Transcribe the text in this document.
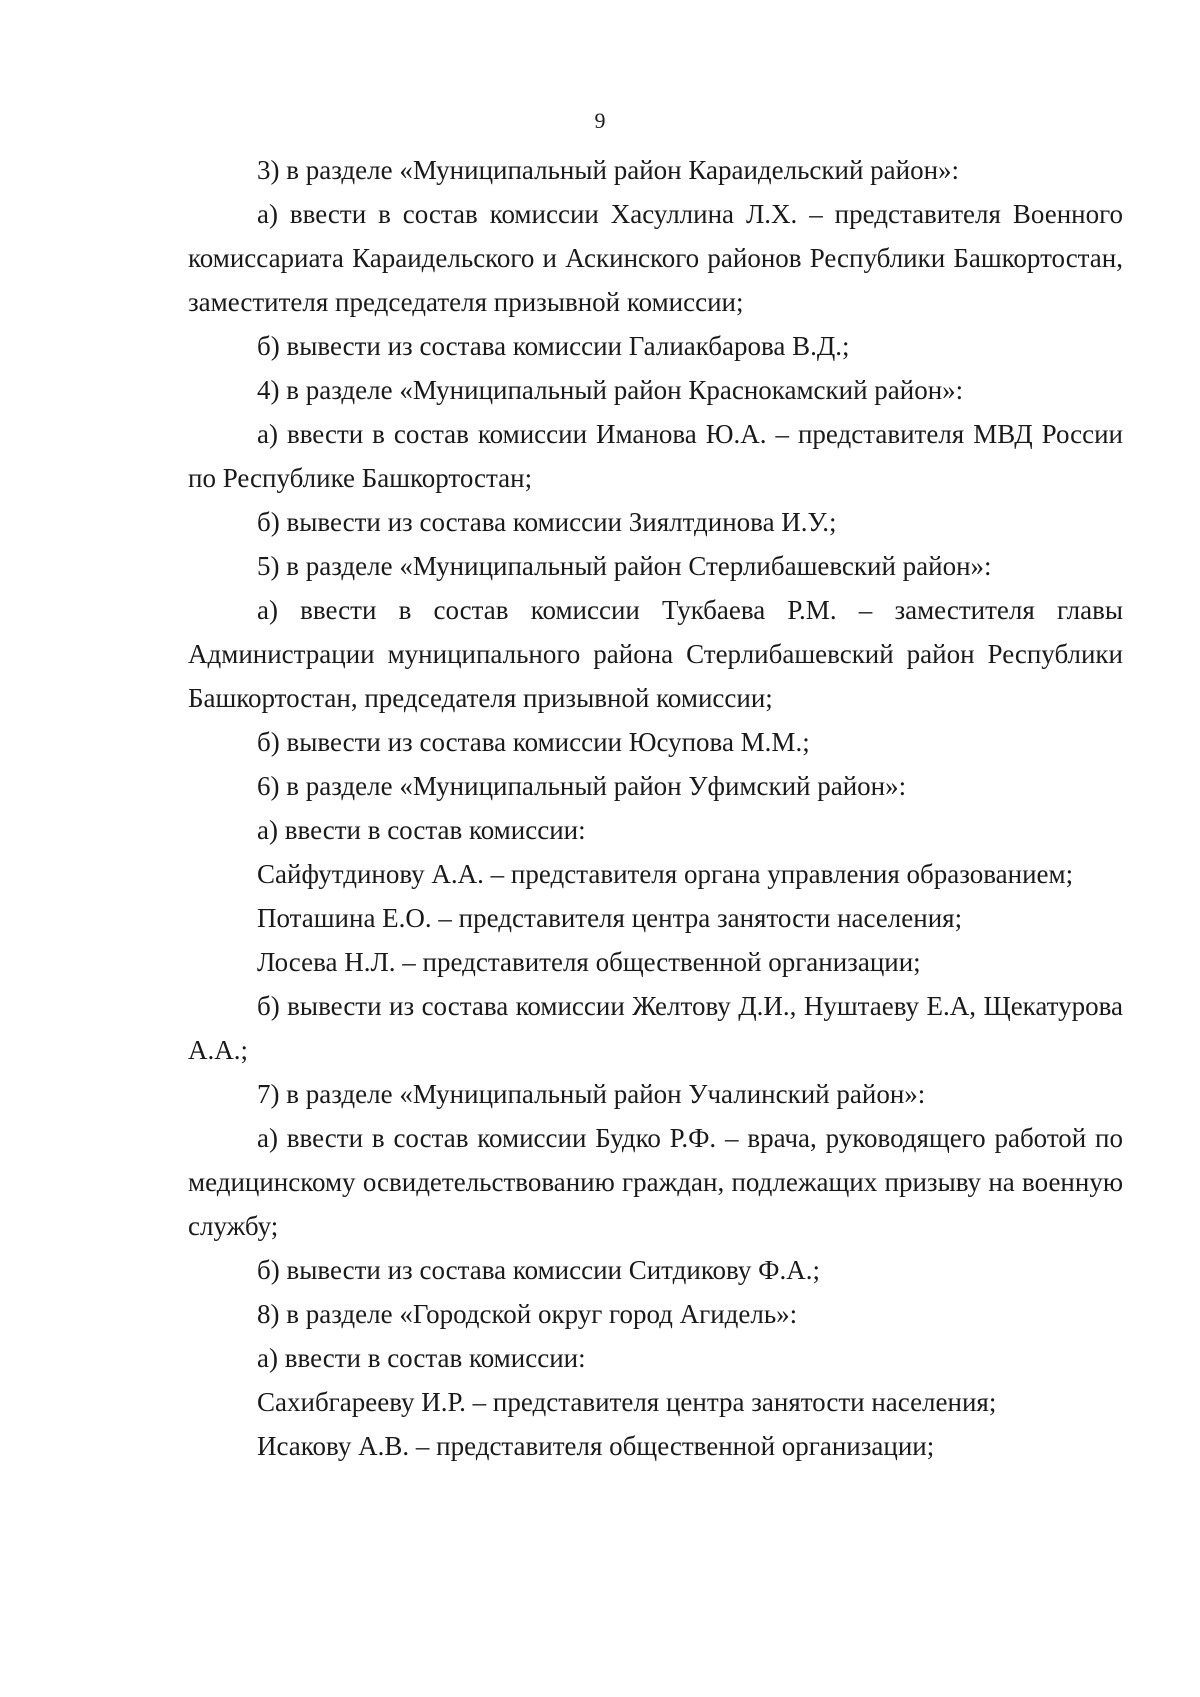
9

3) в разделе «Муниципальный район Караидельский район»:

а) ввести в состав комиссии Хасуллина Л.Х. – представителя Военного комиссариата Караидельского и Аскинского районов Республики Башкортостан, заместителя председателя призывной комиссии;

б) вывести из состава комиссии Галиакбарова В.Д.;

4) в разделе «Муниципальный район Краснокамский район»:

а) ввести в состав комиссии Иманова Ю.А. – представителя МВД России по Республике Башкортостан;

б) вывести из состава комиссии Зиялтдинова И.У.;

5) в разделе «Муниципальный район Стерлибашевский район»:

а) ввести в состав комиссии Тукбаева Р.М. – заместителя главы Администрации муниципального района Стерлибашевский район Республики Башкортостан, председателя призывной комиссии;

б) вывести из состава комиссии Юсупова М.М.;

6) в разделе «Муниципальный район Уфимский район»:

а) ввести в состав комиссии:

Сайфутдинову А.А. – представителя органа управления образованием;

Поташина Е.О. – представителя центра занятости населения;

Лосева Н.Л. – представителя общественной организации;

б) вывести из состава комиссии Желтову Д.И., Нуштаеву Е.А, Щекатурова А.А.;

7) в разделе «Муниципальный район Учалинский район»:

а) ввести в состав комиссии Будко Р.Ф. – врача, руководящего работой по медицинскому освидетельствованию граждан, подлежащих призыву на военную службу;

б) вывести из состава комиссии Ситдикову Ф.А.;

8) в разделе «Городской округ город Агидель»:

а) ввести в состав комиссии:

Сахибгарееву И.Р. – представителя центра занятости населения;

Исакову А.В. – представителя общественной организации;
